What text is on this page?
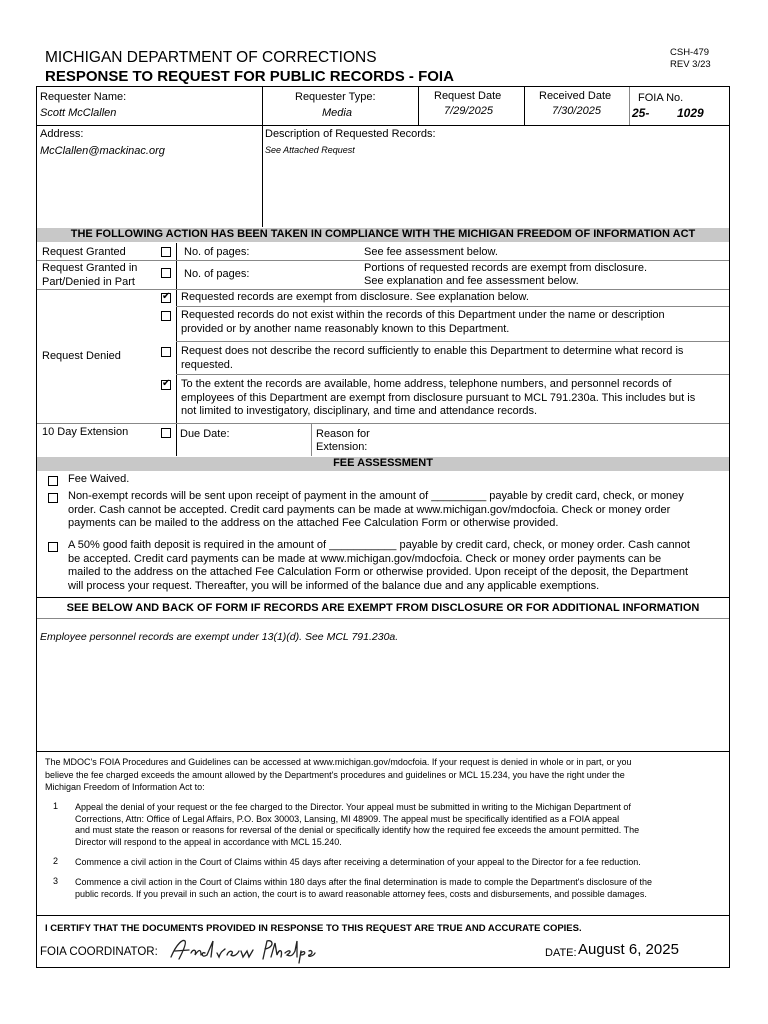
MICHIGAN DEPARTMENT OF CORRECTIONS
RESPONSE TO REQUEST FOR PUBLIC RECORDS - FOIA
CSH-479
REV 3/23
Requester Name:
Scott McClallen
Requester Type:
Media
Request Date
7/29/2025
Received Date
7/30/2025
FOIA No.
25- 1029
Address:
McClallen@mackinac.org
Description of Requested Records:
See Attached Request
THE FOLLOWING ACTION HAS BEEN TAKEN IN COMPLIANCE WITH THE MICHIGAN FREEDOM OF INFORMATION ACT
Request Granted	No. of pages:	See fee assessment below.
Request Granted in
Part/Denied in Part
No. of pages:	Portions of requested records are exempt from disclosure.
See explanation and fee assessment below.
Request Denied
✔
Requested records are exempt from disclosure. See explanation below.
Requested records do not exist within the records of this Department under the name or description
provided or by another name reasonably known to this Department.
Request does not describe the record sufficiently to enable this Department to determine what record is
requested.
✔
To the extent the records are available, home address, telephone numbers, and personnel records of
employees of this Department are exempt from disclosure pursuant to MCL 791.230a. This includes but is
not limited to investigatory, disciplinary, and time and attendance records.
10 Day Extension	Due Date:	Reason for
Extension:
FEE ASSESSMENT
Fee Waived.
Non-exempt records will be sent upon receipt of payment in the amount of _________ payable by credit card, check, or money
order. Cash cannot be accepted. Credit card payments can be made at www.michigan.gov/mdocfoia. Check or money order
payments can be mailed to the address on the attached Fee Calculation Form or otherwise provided.
A 50% good faith deposit is required in the amount of ___________ payable by credit card, check, or money order. Cash cannot
be accepted. Credit card payments can be made at www.michigan.gov/mdocfoia. Check or money order payments can be
mailed to the address on the attached Fee Calculation Form or otherwise provided. Upon receipt of the deposit, the Department
will process your request. Thereafter, you will be informed of the balance due and any applicable exemptions.
SEE BELOW AND BACK OF FORM IF RECORDS ARE EXEMPT FROM DISCLOSURE OR FOR ADDITIONAL INFORMATION
Employee personnel records are exempt under 13(1)(d). See MCL 791.230a.
The MDOC's FOIA Procedures and Guidelines can be accessed at www.michigan.gov/mdocfoia. If your request is denied in whole or in part, or you
believe the fee charged exceeds the amount allowed by the Department's procedures and guidelines or MCL 15.234, you have the right under the
Michigan Freedom of Information Act to:
1 Appeal the denial of your request or the fee charged to the Director. Your appeal must be submitted in writing to the Michigan Department of
Corrections, Attn: Office of Legal Affairs, P.O. Box 30003, Lansing, MI 48909. The appeal must be specifically identified as a FOIA appeal
and must state the reason or reasons for reversal of the denial or specifically identify how the required fee exceeds the amount permitted. The
Director will respond to the appeal in accordance with MCL 15.240.
2 Commence a civil action in the Court of Claims within 45 days after receiving a determination of your appeal to the Director for a fee reduction.
3 Commence a civil action in the Court of Claims within 180 days after the final determination is made to comple the Department's disclosure of the
public records. If you prevail in such an action, the court is to award reasonable attorney fees, costs and disbursements, and possible damages.
I CERTIFY THAT THE DOCUMENTS PROVIDED IN RESPONSE TO THIS REQUEST ARE TRUE AND ACCURATE COPIES.
FOIA COORDINATOR:	DATE: August 6, 2025
